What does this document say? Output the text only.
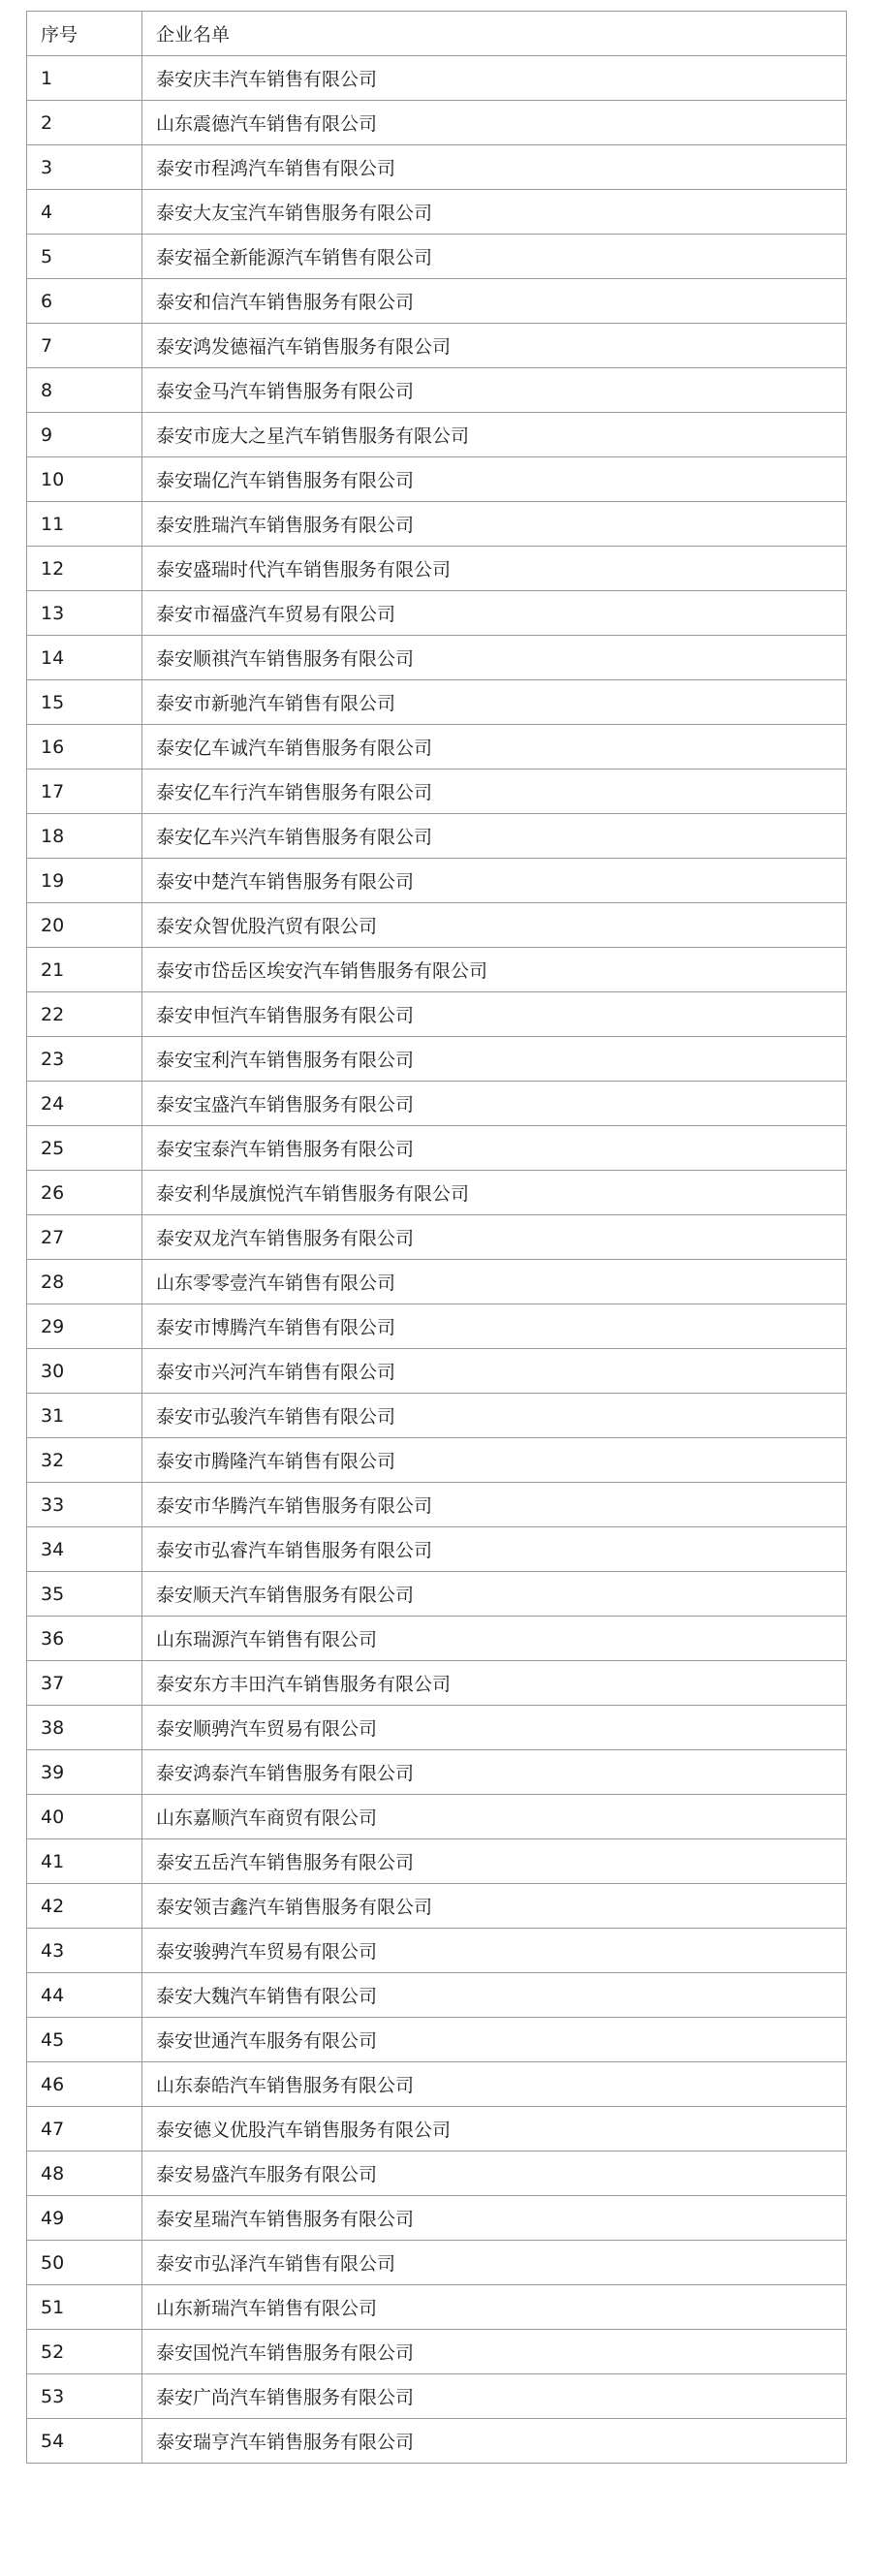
序号	企业名单
1	泰安庆丰汽车销售有限公司
2	山东震德汽车销售有限公司
3	泰安市程鸿汽车销售有限公司
4	泰安大友宝汽车销售服务有限公司
5	泰安福全新能源汽车销售有限公司
6	泰安和信汽车销售服务有限公司
7	泰安鸿发德福汽车销售服务有限公司
8	泰安金马汽车销售服务有限公司
9	泰安市庞大之星汽车销售服务有限公司
10	泰安瑞亿汽车销售服务有限公司
11	泰安胜瑞汽车销售服务有限公司
12	泰安盛瑞时代汽车销售服务有限公司
13	泰安市福盛汽车贸易有限公司
14	泰安顺祺汽车销售服务有限公司
15	泰安市新驰汽车销售有限公司
16	泰安亿车诚汽车销售服务有限公司
17	泰安亿车行汽车销售服务有限公司
18	泰安亿车兴汽车销售服务有限公司
19	泰安中楚汽车销售服务有限公司
20	泰安众智优股汽贸有限公司
21	泰安市岱岳区埃安汽车销售服务有限公司
22	泰安申恒汽车销售服务有限公司
23	泰安宝利汽车销售服务有限公司
24	泰安宝盛汽车销售服务有限公司
25	泰安宝泰汽车销售服务有限公司
26	泰安利华晟旗悦汽车销售服务有限公司
27	泰安双龙汽车销售服务有限公司
28	山东零零壹汽车销售有限公司
29	泰安市博腾汽车销售有限公司
30	泰安市兴河汽车销售有限公司
31	泰安市弘骏汽车销售有限公司
32	泰安市腾隆汽车销售有限公司
33	泰安市华腾汽车销售服务有限公司
34	泰安市弘睿汽车销售服务有限公司
35	泰安顺天汽车销售服务有限公司
36	山东瑞源汽车销售有限公司
37	泰安东方丰田汽车销售服务有限公司
38	泰安顺骋汽车贸易有限公司
39	泰安鸿泰汽车销售服务有限公司
40	山东嘉顺汽车商贸有限公司
41	泰安五岳汽车销售服务有限公司
42	泰安领吉鑫汽车销售服务有限公司
43	泰安骏骋汽车贸易有限公司
44	泰安大魏汽车销售有限公司
45	泰安世通汽车服务有限公司
46	山东泰皓汽车销售服务有限公司
47	泰安德义优股汽车销售服务有限公司
48	泰安易盛汽车服务有限公司
49	泰安星瑞汽车销售服务有限公司
50	泰安市弘泽汽车销售有限公司
51	山东新瑞汽车销售有限公司
52	泰安国悦汽车销售服务有限公司
53	泰安广尚汽车销售服务有限公司
54	泰安瑞亨汽车销售服务有限公司
